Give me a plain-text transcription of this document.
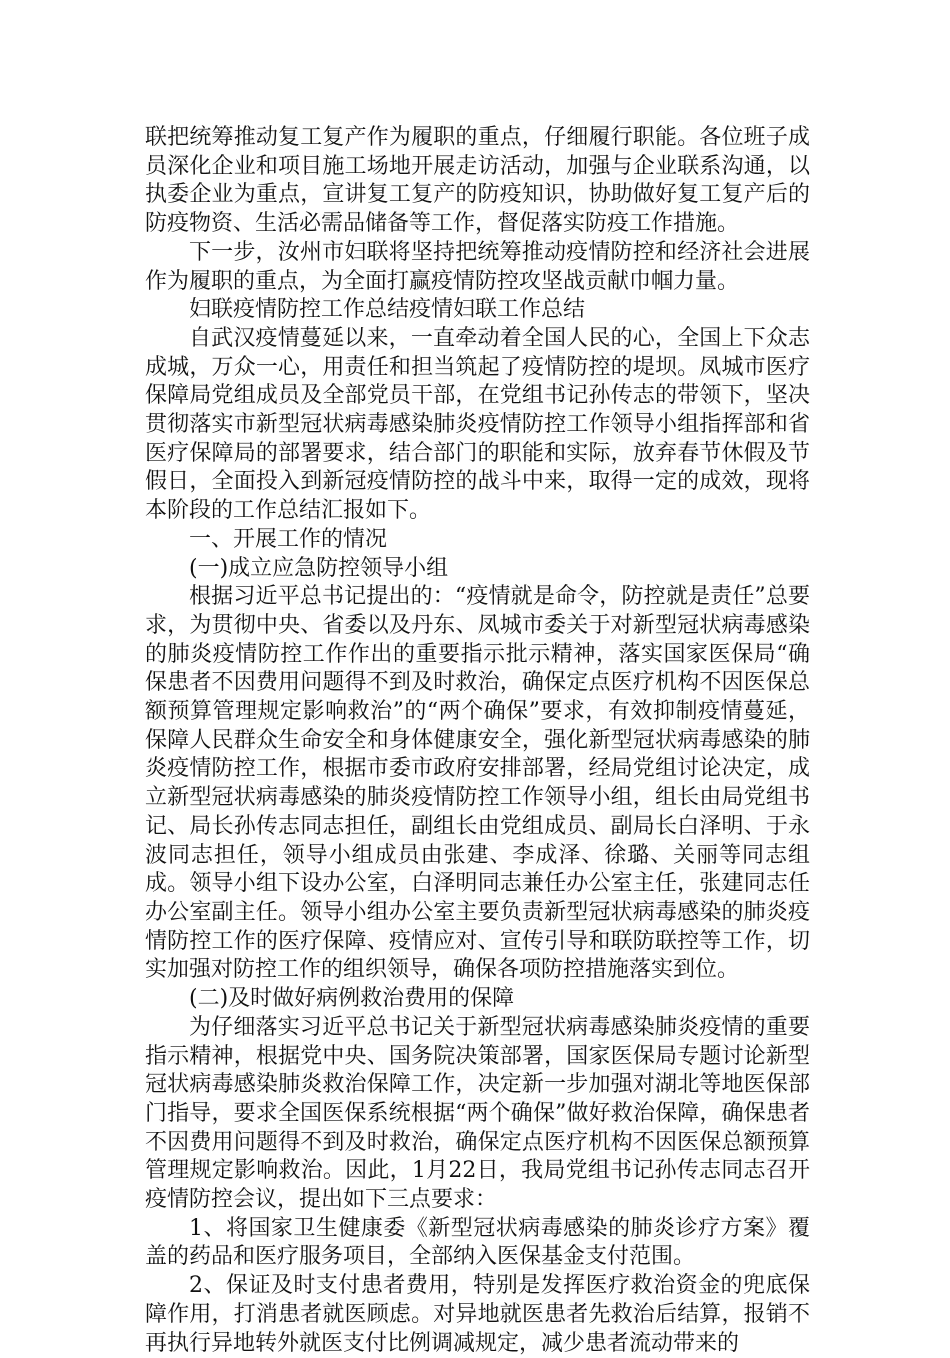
联把统筹推动复工复产作为履职的重点，仔细履行职能。各位班子成员深化企业和项目施工场地开展走访活动，加强与企业联系沟通，以执委企业为重点，宣讲复工复产的防疫知识，协助做好复工复产后的防疫物资、生活必需品储备等工作，督促落实防疫工作措施。

下一步，汝州市妇联将坚持把统筹推动疫情防控和经济社会进展作为履职的重点，为全面打赢疫情防控攻坚战贡献巾帼力量。

妇联疫情防控工作总结疫情妇联工作总结

自武汉疫情蔓延以来，一直牵动着全国人民的心，全国上下众志成城，万众一心，用责任和担当筑起了疫情防控的堤坝。凤城市医疗保障局党组成员及全部党员干部，在党组书记孙传志的带领下，坚决贯彻落实市新型冠状病毒感染肺炎疫情防控工作领导小组指挥部和省医疗保障局的部署要求，结合部门的职能和实际，放弃春节休假及节假日，全面投入到新冠疫情防控的战斗中来，取得一定的成效，现将本阶段的工作总结汇报如下。

一、开展工作的情况

(一)成立应急防控领导小组

根据习近平总书记提出的：“疫情就是命令，防控就是责任”总要求，为贯彻中央、省委以及丹东、凤城市委关于对新型冠状病毒感染的肺炎疫情防控工作作出的重要指示批示精神，落实国家医保局“确保患者不因费用问题得不到及时救治，确保定点医疗机构不因医保总额预算管理规定影响救治”的“两个确保”要求，有效抑制疫情蔓延，保障人民群众生命安全和身体健康安全，强化新型冠状病毒感染的肺炎疫情防控工作，根据市委市政府安排部署，经局党组讨论决定，成立新型冠状病毒感染的肺炎疫情防控工作领导小组，组长由局党组书记、局长孙传志同志担任，副组长由党组成员、副局长白泽明、于永波同志担任，领导小组成员由张建、李成泽、徐璐、关丽等同志组成。领导小组下设办公室，白泽明同志兼任办公室主任，张建同志任办公室副主任。领导小组办公室主要负责新型冠状病毒感染的肺炎疫情防控工作的医疗保障、疫情应对、宣传引导和联防联控等工作，切实加强对防控工作的组织领导，确保各项防控措施落实到位。

(二)及时做好病例救治费用的保障

为仔细落实习近平总书记关于新型冠状病毒感染肺炎疫情的重要指示精神，根据党中央、国务院决策部署，国家医保局专题讨论新型冠状病毒感染肺炎救治保障工作，决定新一步加强对湖北等地医保部门指导，要求全国医保系统根据“两个确保”做好救治保障，确保患者不因费用问题得不到及时救治，确保定点医疗机构不因医保总额预算管理规定影响救治。因此，1月22日，我局党组书记孙传志同志召开疫情防控会议，提出如下三点要求：

1、将国家卫生健康委《新型冠状病毒感染的肺炎诊疗方案》覆盖的药品和医疗服务项目，全部纳入医保基金支付范围。

2、保证及时支付患者费用，特别是发挥医疗救治资金的兜底保障作用，打消患者就医顾虑。对异地就医患者先救治后结算，报销不再执行异地转外就医支付比例调减规定，减少患者流动带来的
